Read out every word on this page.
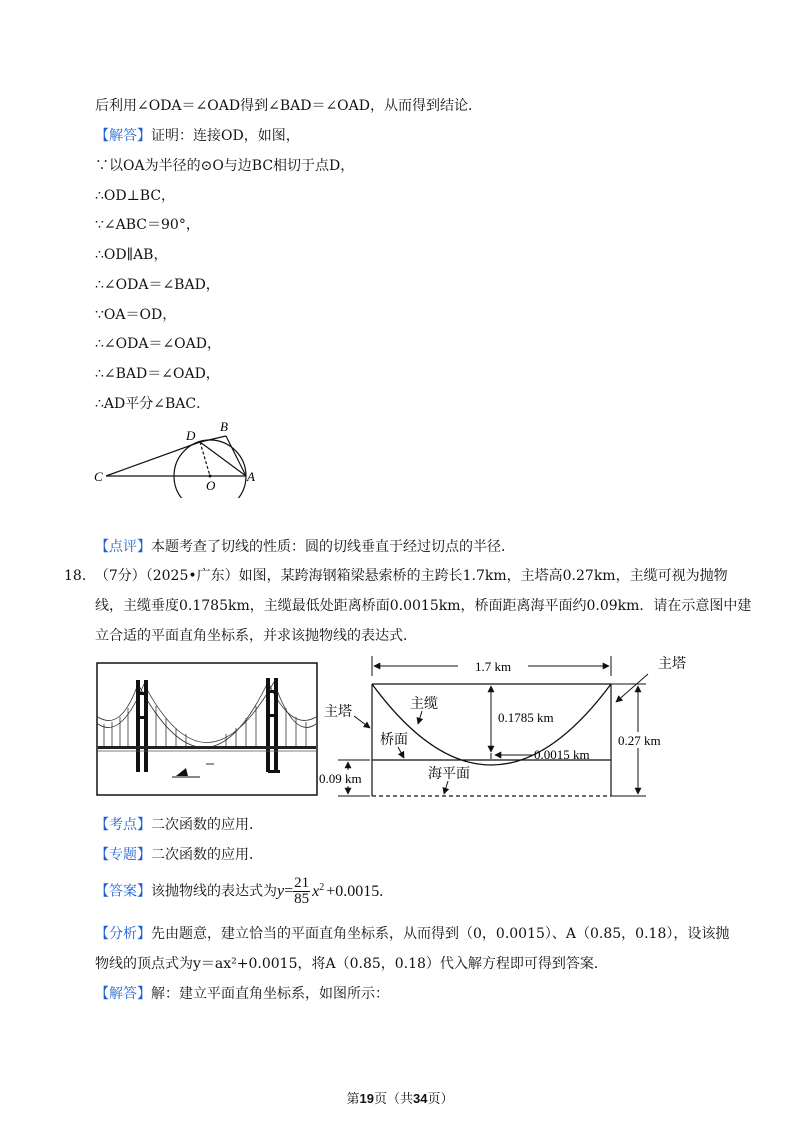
后利用∠ODA＝∠OAD得到∠BAD＝∠OAD，从而得到结论．
【解答】证明：连接OD，如图，
∵以OA为半径的⊙O与边BC相切于点D，
∴OD⊥BC，
∵∠ABC＝90°，
∴OD∥AB，
∴∠ODA＝∠BAD，
∵OA＝OD，
∴∠ODA＝∠OAD，
∴∠BAD＝∠OAD，
∴AD平分∠BAC．
D
B
C
O
A
【点评】本题考查了切线的性质：圆的切线垂直于经过切点的半径．
18． （7分）（2025•广东）如图，某跨海钢箱梁悬索桥的主跨长1.7km，主塔高0.27km，主缆可视为抛物
线，主缆垂度0.1785km，主缆最低处距离桥面0.0015km，桥面距离海平面约0.09km．请在示意图中建
立合适的平面直角坐标系，并求该抛物线的表达式．
1.7 km
0.1785 km
0.0015 km
0.27 km
主塔
主塔
主缆
桥面
0.09 km	海平面
【考点】二次函数的应用．
【专题】二次函数的应用．
【答案】该抛物线的表达式为$y= \frac{21}{85} x^2 +0.0015$.
【分析】先由题意，建立恰当的平面直角坐标系，从而得到（0，0.0015）、A（0.85，0.18），设该抛
物线的顶点式为y＝ax²+0.0015，将A（0.85，0.18）代入解方程即可得到答案．
【解答】解：建立平面直角坐标系，如图所示：
第19页（共34页）
